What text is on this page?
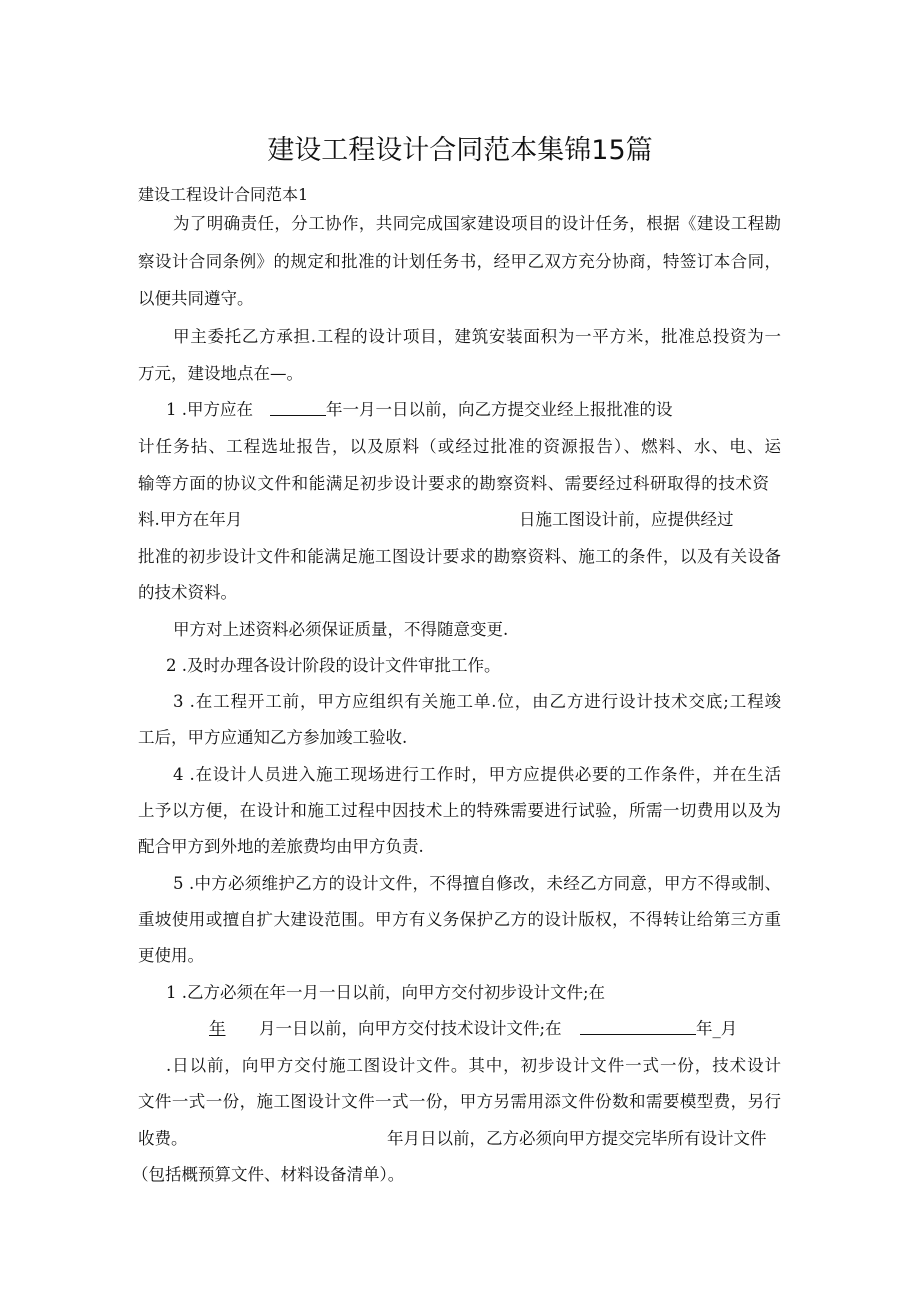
建设工程设计合同范本集锦15篇
建设工程设计合同范本1
为了明确责任，分工协作，共同完成国家建设项目的设计任务，根据《建设工程勘
察设计合同条例》的规定和批准的计划任务书，经甲乙双方充分协商，特签订本合同，
以便共同遵守。
甲主委托乙方承担.工程的设计项目，建筑安装面积为一平方米，批准总投资为一
万元，建设地点在—。
1 .甲方应在	年一月一日以前，向乙方提交业经上报批准的设
计任务拈、工程选址报告，以及原料（或经过批准的资源报告）、燃料、水、电、运
输等方面的协议文件和能满足初步设计要求的勘察资料、需要经过科研取得的技术资
料.甲方在年月	日施工图设计前，应提供经过
批准的初步设计文件和能满足施工图设计要求的勘察资料、施工的条件，以及有关设备
的技术资料。
甲方对上述资料必须保证质量，不得随意变更.
2 .及时办理各设计阶段的设计文件审批工作。
3 .在工程开工前，甲方应组织有关施工单.位，由乙方进行设计技术交底;工程竣
工后，甲方应通知乙方参加竣工验收.
4 .在设计人员进入施工现场进行工作时，甲方应提供必要的工作条件，并在生活
上予以方便，在设计和施工过程中因技术上的特殊需要进行试验，所需一切费用以及为
配合甲方到外地的差旅费均由甲方负责.
5 .中方必须维护乙方的设计文件，不得擅自修改，未经乙方同意，甲方不得或制、
重坡使用或擅自扩大建设范围。甲方有义务保护乙方的设计版权，不得转让给第三方重
更使用。
1 .乙方必须在年一月一日以前，向甲方交付初步设计文件;在
年 月一日以前，向甲方交付技术设计文件;在	年_月
.日以前，向甲方交付施工图设计文件。其中，初步设计文件一式一份，技术设计
文件一式一份，施工图设计文件一式一份，甲方另需用添文件份数和需要模型费，另行
收费。	年月日以前，乙方必须向甲方提交完毕所有设计文件
（包括概预算文件、材料设备清单）。
